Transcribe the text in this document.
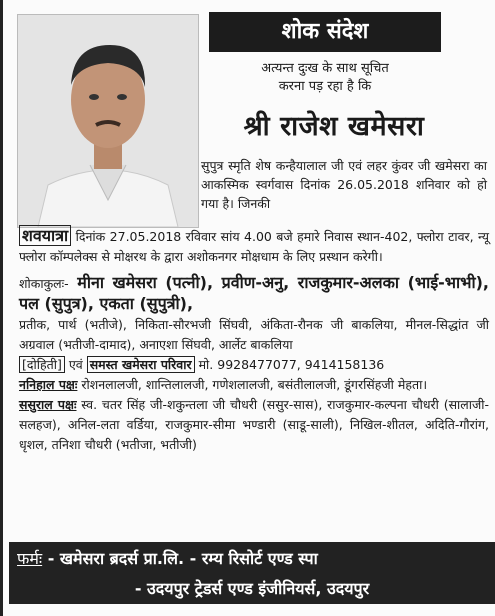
शोक संदेश
अत्यन्त दुःख के साथ सूचित
करना पड़ रहा है कि
श्री राजेश खमेसरा
सुपुत्र स्मृति शेष कन्हैयालाल जी एवं लहर कुंवर जी खमेसरा का आकस्मिक स्वर्गवास दिनांक 26.05.2018 शनिवार को हो गया है। जिनकी

शवयात्रा दिनांक 27.05.2018 रविवार सांय 4.00 बजे हमारे निवास स्थान-402, फ्लोरा टावर, न्यू फ्लोरा कॉम्पलेक्स से मोक्षरथ के द्वारा अशोकनगर मोक्षधाम के लिए प्रस्थान करेगी।

शोकाकुलः- मीना खमेसरा (पत्नी), प्रवीण-अनु, राजकुमार-अलका (भाई-भाभी), पल (सुपुत्र), एकता (सुपुत्री),

प्रतीक, पार्थ (भतीजे), निकिता-सौरभजी सिंघवी, अंकिता-रौनक जी बाकलिया, मीनल-सिद्धांत जी अग्रवाल (भतीजी-दामाद), अनाएशा सिंघवी, आर्लेट बाकलिया

[दोहिती] एवं समस्त खमेसरा परिवार मो. 9928477077, 9414158136

ननिहाल पक्षः रोशनलालजी, शान्तिलालजी, गणेशलालजी, बसंतीलालजी, डूंगरसिंहजी मेहता।

ससुराल पक्षः स्व. चतर सिंह जी-शकुन्तला जी चौधरी (ससुर-सास), राजकुमार-कल्पना चौधरी (सालाजी-सलहज), अनिल-लता वर्डिया, राजकुमार-सीमा भण्डारी (साडू-साली), निखिल-शीतल, अदिति-गौरांग, धृशल, तनिशा चौधरी (भतीजा, भतीजी)

फर्मः - खमेसरा ब्रदर्स प्रा.लि. - रम्य रिसोर्ट एण्ड स्पा
- उदयपुर ट्रेडर्स एण्ड इंजीनियर्स, उदयपुर
